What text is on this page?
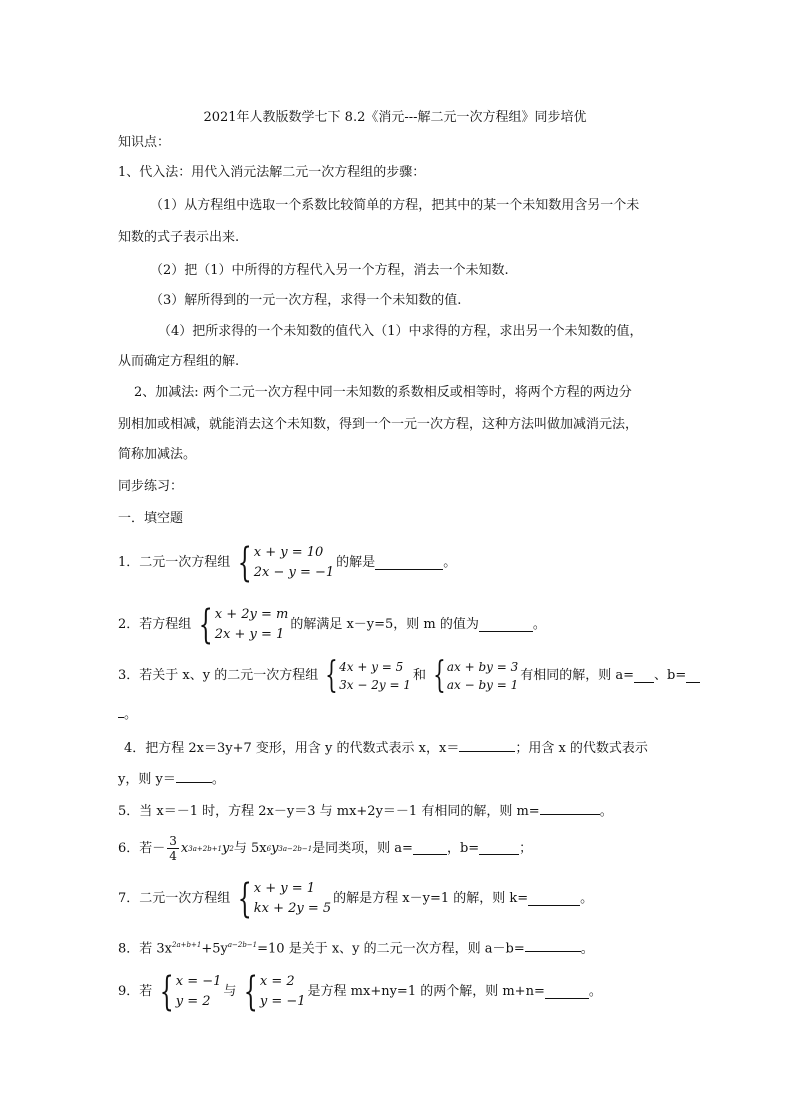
2021年人教版数学七下 8.2《消元---解二元一次方程组》同步培优
知识点：
1、代入法：用代入消元法解二元一次方程组的步骤：
（1）从方程组中选取一个系数比较简单的方程，把其中的某一个未知数用含另一个未
知数的式子表示出来.
（2）把（1）中所得的方程代入另一个方程，消去一个未知数.
（3）解所得到的一元一次方程，求得一个未知数的值.
（4）把所求得的一个未知数的值代入（1）中求得的方程，求出另一个未知数的值，
从而确定方程组的解.
2、加减法: 两个二元一次方程中同一未知数的系数相反或相等时，将两个方程的两边分
别相加或相减，就能消去这个未知数，得到一个一元一次方程，这种方法叫做加减消元法，
简称加减法。
同步练习：
一．填空题
1．二元一次方程组 { x + y = 10
2x − y = −1
的解是	。
2．若方程组 { x + 2y = m
2x + y = 1
的解满足 x－y=5，则 m 的值为	。
3．若关于 x、y 的二元一次方程组 { 4x + y = 5
3x − 2y = 1
和 { ax + by = 3
ax − by = 1
有相同的解，则 a= 、b=
。
4．把方程 2x＝3y+7 变形，用含 y 的代数式表示 x，x＝	；用含 x 的代数式表示
y，则 y＝	。
5．当 x＝－1 时，方程 2x－y＝3 与 mx+2y＝－1 有相同的解，则 m=	。
6．若－ $\frac{3}{4}$ x 3a+2b+1 y 2 与 5x 6 y 3a−2b−1 是同类项，则 a=	，b=	；
7．二元一次方程组 { x + y = 1
kx + 2y = 5
的解是方程 x－y=1 的解，则 k=	。
8．若 $3x^{2a+b+1}+5y^{a-2b-1}=10$ 是关于 x、y 的二元一次方程，则 a－b=	。
9．若 { x = −1
y = 2
与 { x = 2
y = −1
是方程 mx+ny=1 的两个解，则 m+n=	。
